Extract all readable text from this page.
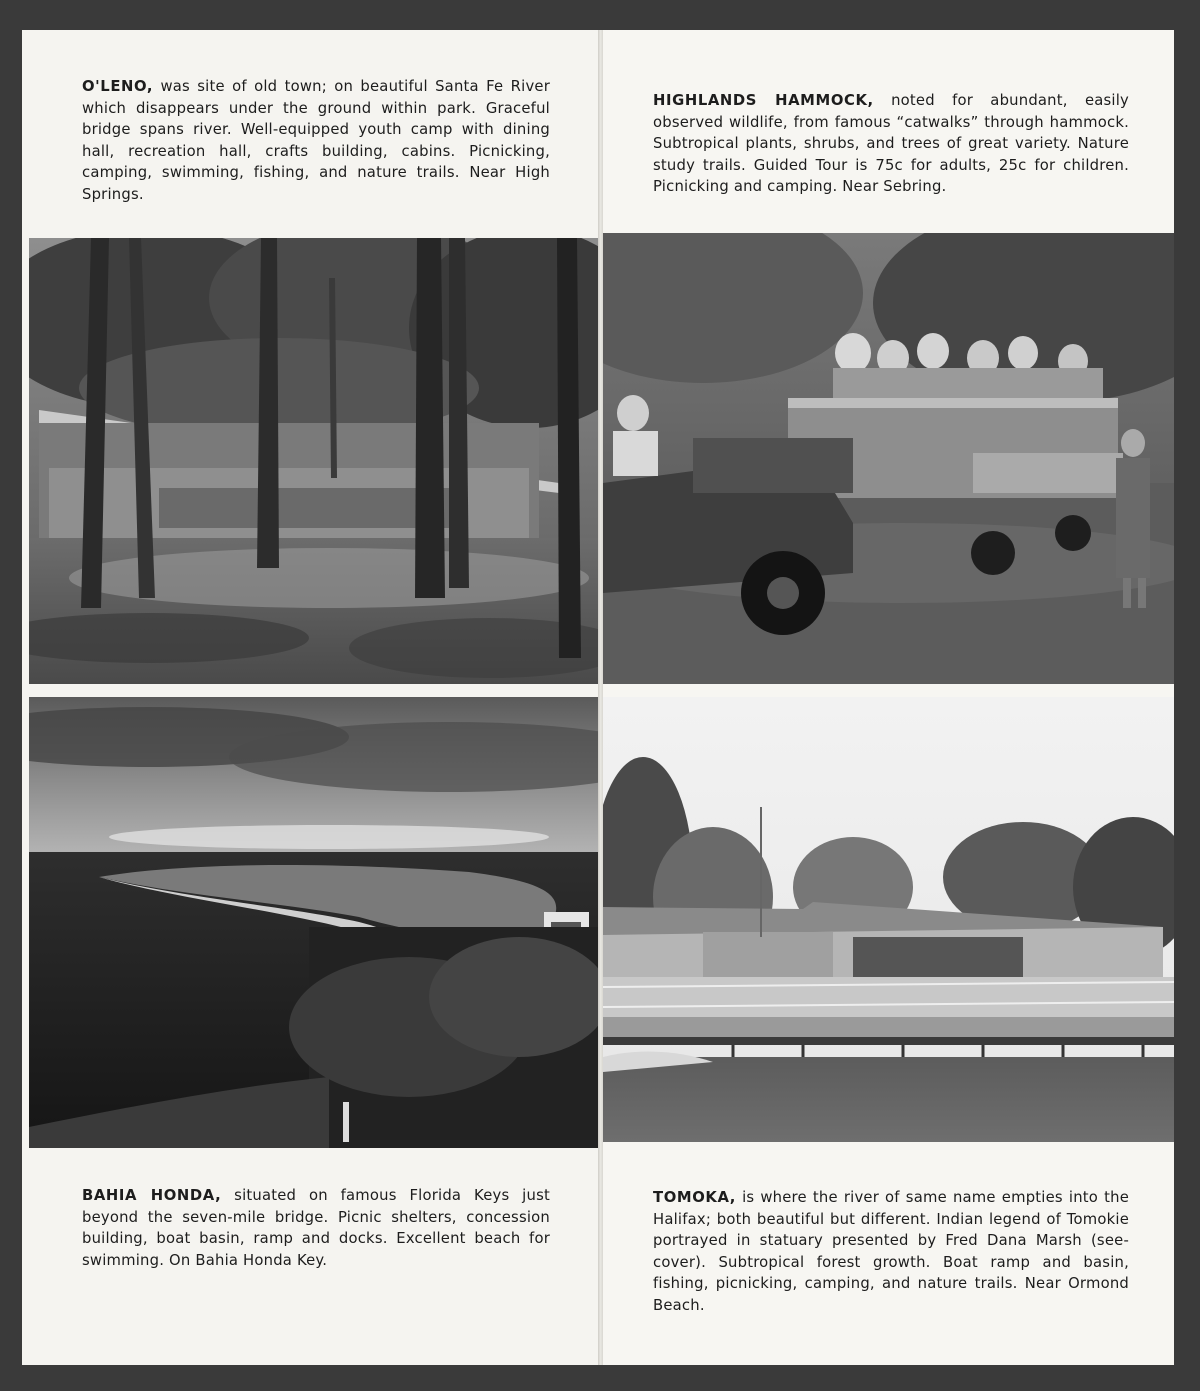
O'LENO, was site of old town; on beautiful Santa Fe River which disappears under the ground within park. Graceful bridge spans river. Well-equipped youth camp with dining hall, recreation hall, crafts building, cabins. Picnicking, camping, swimming, fishing, and nature trails. Near High Springs.

BAHIA HONDA, situated on famous Florida Keys just beyond the seven-mile bridge. Picnic shelters, concession building, boat basin, ramp and docks. Excellent beach for swimming. On Bahia Honda Key.

HIGHLANDS HAMMOCK, noted for abundant, easily observed wildlife, from famous “catwalks” through hammock. Subtropical plants, shrubs, and trees of great variety. Nature study trails. Guided Tour is 75c for adults, 25c for children. Picnicking and camping. Near Sebring.

TOMOKA, is where the river of same name empties into the Halifax; both beautiful but different. Indian legend of Tomokie portrayed in statuary presented by Fred Dana Marsh (see-cover). Subtropical forest growth. Boat ramp and basin, fishing, picnicking, camping, and nature trails. Near Ormond Beach.
